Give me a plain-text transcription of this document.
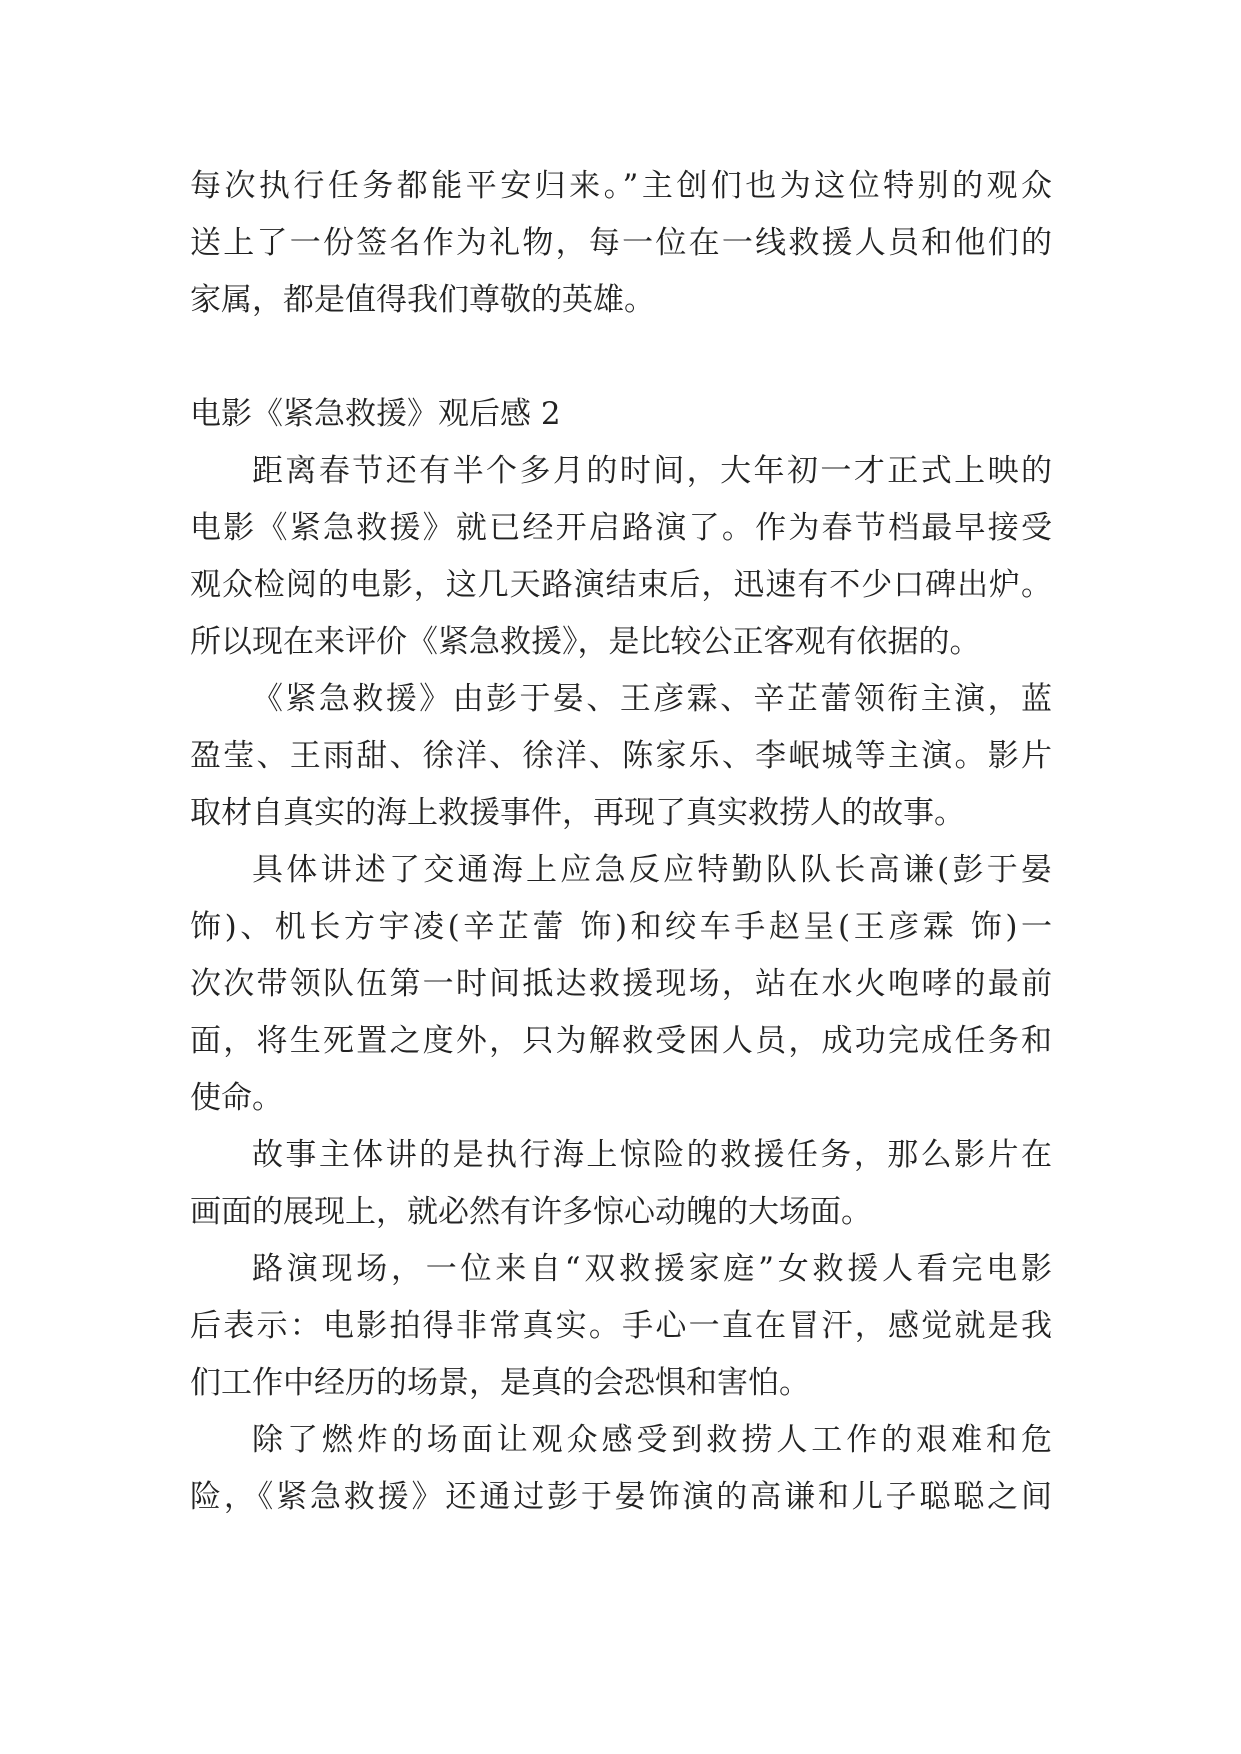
每次执行任务都能平安归来。”主创们也为这位特别的观众
送上了一份签名作为礼物，每一位在一线救援人员和他们的
家属，都是值得我们尊敬的英雄。
电影《紧急救援》观后感 2
距离春节还有半个多月的时间，大年初一才正式上映的
电影《紧急救援》就已经开启路演了。作为春节档最早接受
观众检阅的电影，这几天路演结束后，迅速有不少口碑出炉。
所以现在来评价《紧急救援》，是比较公正客观有依据的。
《紧急救援》由彭于晏、王彦霖、辛芷蕾领衔主演，蓝
盈莹、王雨甜、徐洋、徐洋、陈家乐、李岷城等主演。影片
取材自真实的海上救援事件，再现了真实救捞人的故事。
具体讲述了交通海上应急反应特勤队队长高谦(彭于晏
饰)、机长方宇凌(辛芷蕾 饰)和绞车手赵呈(王彦霖 饰)一
次次带领队伍第一时间抵达救援现场，站在水火咆哮的最前
面，将生死置之度外，只为解救受困人员，成功完成任务和
使命。
故事主体讲的是执行海上惊险的救援任务，那么影片在
画面的展现上，就必然有许多惊心动魄的大场面。
路演现场，一位来自“双救援家庭”女救援人看完电影
后表示：电影拍得非常真实。手心一直在冒汗，感觉就是我
们工作中经历的场景，是真的会恐惧和害怕。
除了燃炸的场面让观众感受到救捞人工作的艰难和危
险，《紧急救援》还通过彭于晏饰演的高谦和儿子聪聪之间
